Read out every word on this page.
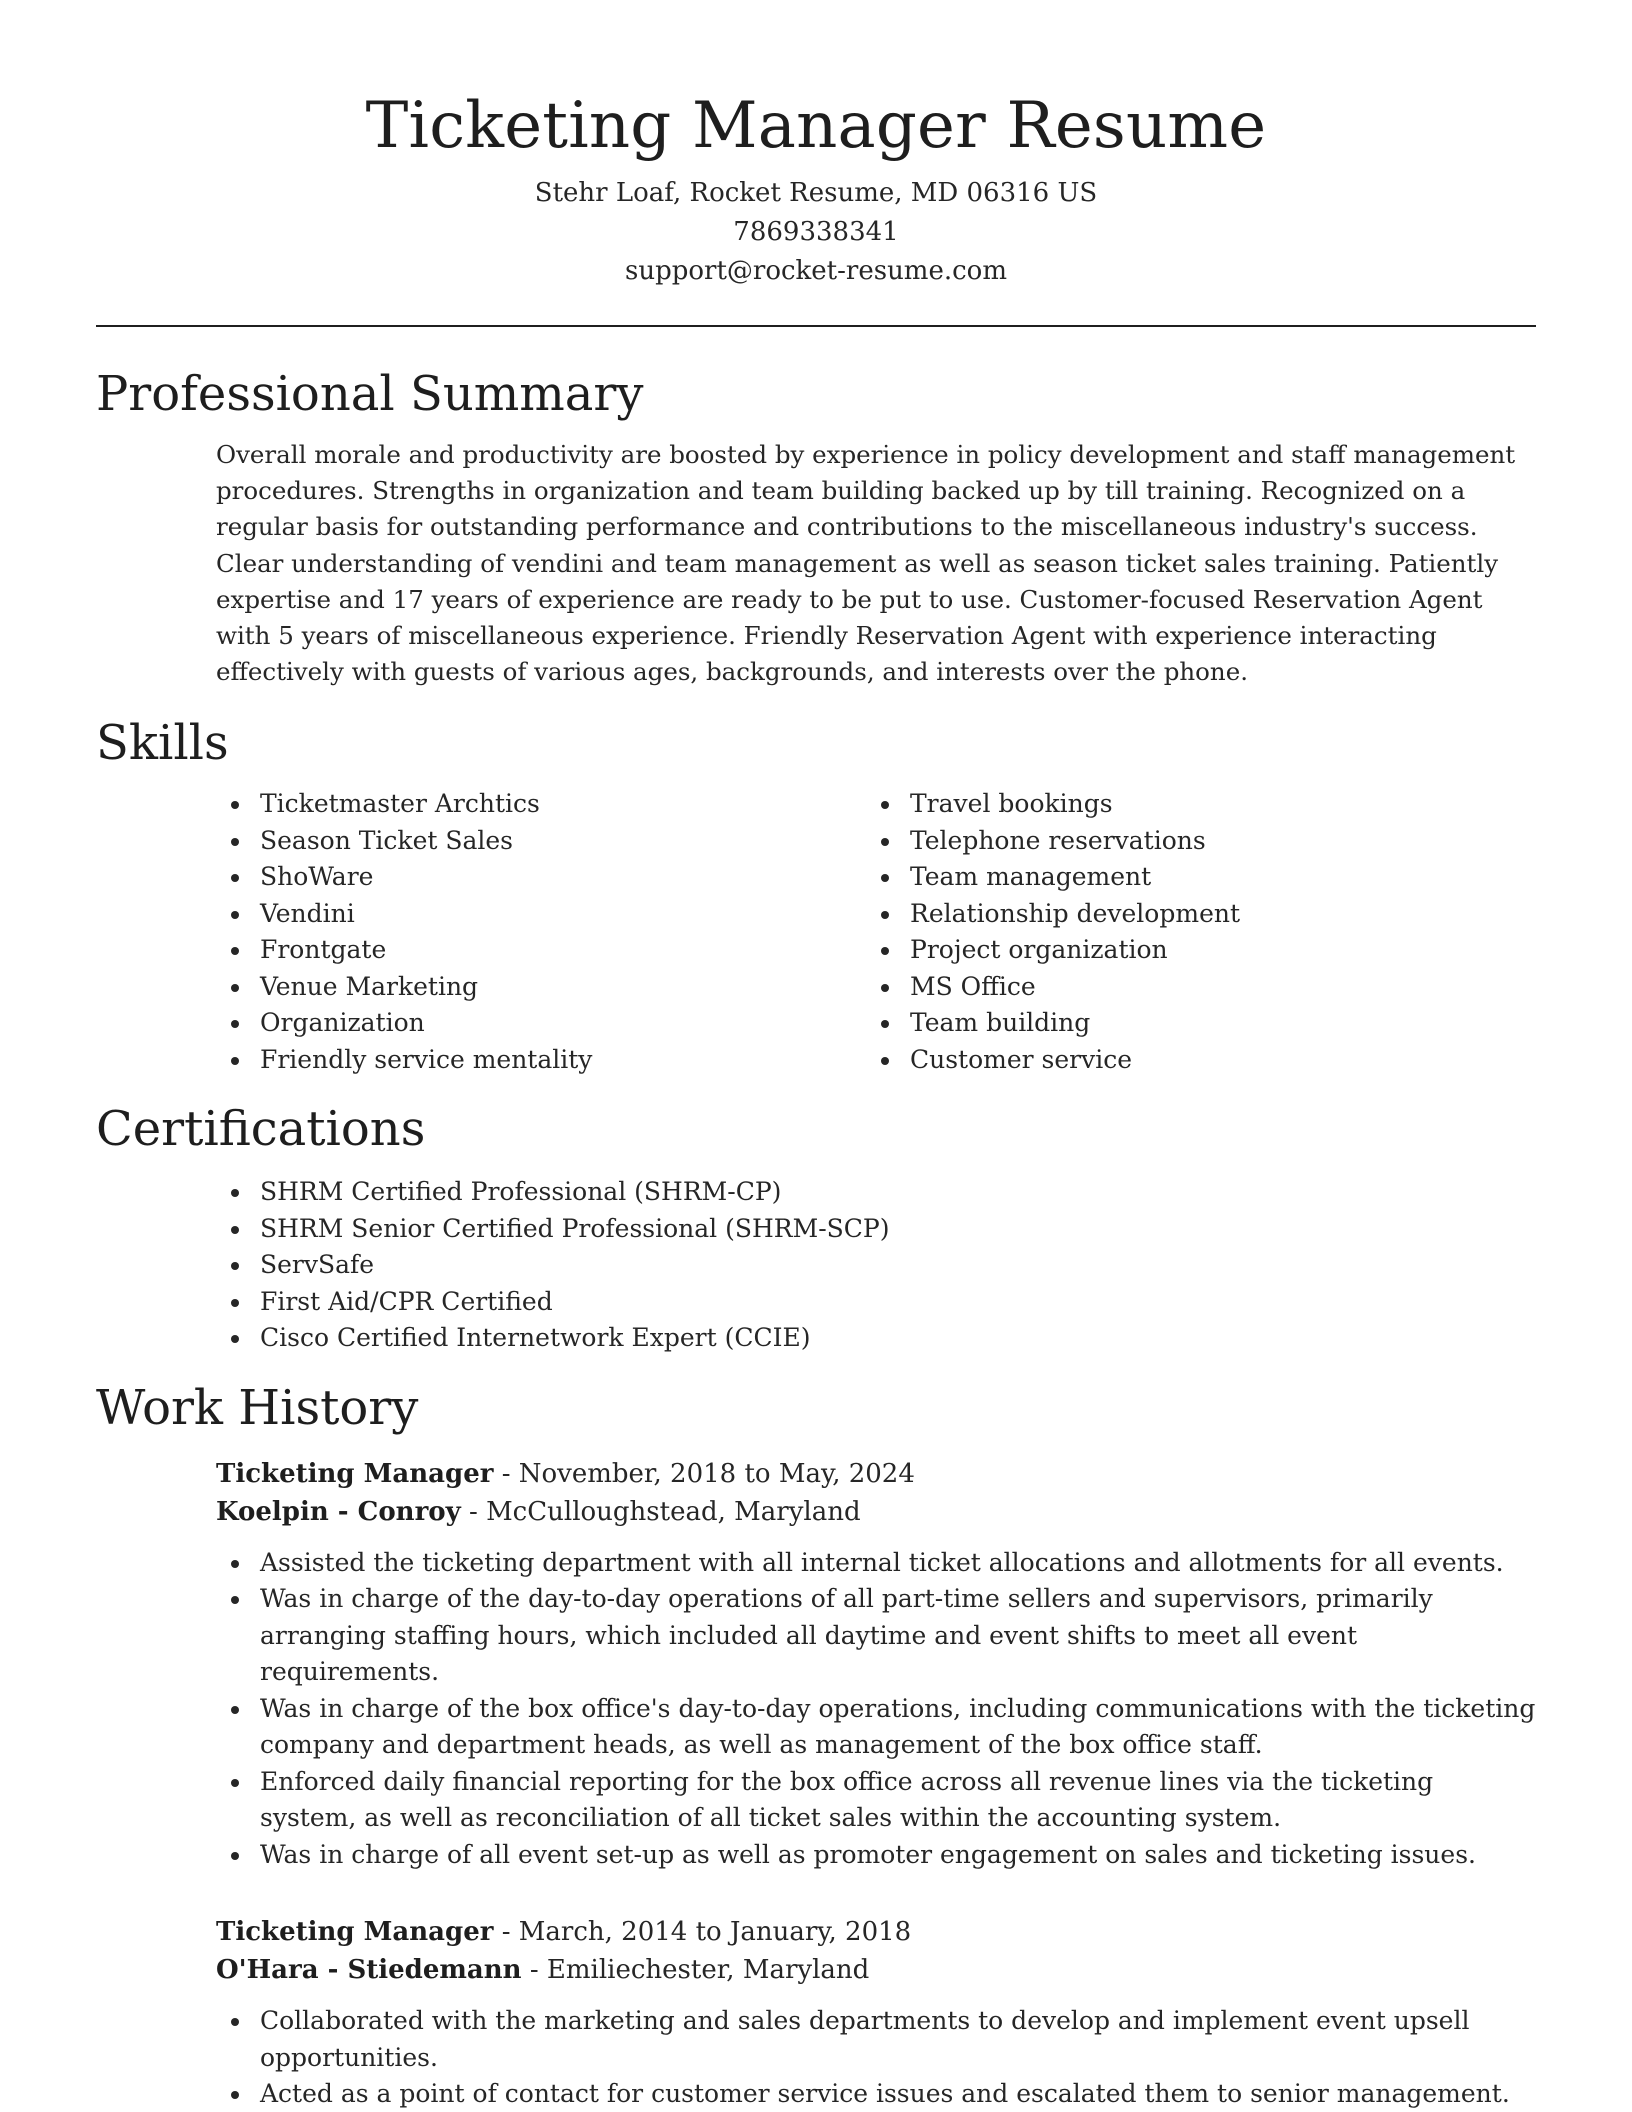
Ticketing Manager Resume
Stehr Loaf, Rocket Resume, MD 06316 US
7869338341
support@rocket-resume.com
Professional Summary

Overall morale and productivity are boosted by experience in policy development and staff management procedures. Strengths in organization and team building backed up by till training. Recognized on a regular basis for outstanding performance and contributions to the miscellaneous industry's success. Clear understanding of vendini and team management as well as season ticket sales training. Patiently expertise and 17 years of experience are ready to be put to use. Customer-focused Reservation Agent with 5 years of miscellaneous experience. Friendly Reservation Agent with experience interacting effectively with guests of various ages, backgrounds, and interests over the phone.

Skills
Ticketmaster Archtics
Season Ticket Sales
ShoWare
Vendini
Frontgate
Venue Marketing
Organization
Friendly service mentality
Travel bookings
Telephone reservations
Team management
Relationship development
Project organization
MS Office
Team building
Customer service
Certifications
SHRM Certified Professional (SHRM-CP)
SHRM Senior Certified Professional (SHRM-SCP)
ServSafe
First Aid/CPR Certified
Cisco Certified Internetwork Expert (CCIE)
Work History
Ticketing Manager - November, 2018 to May, 2024
Koelpin - Conroy - McCulloughstead, Maryland
Assisted the ticketing department with all internal ticket allocations and allotments for all events.
Was in charge of the day-to-day operations of all part-time sellers and supervisors, primarily arranging staffing hours, which included all daytime and event shifts to meet all event requirements.
Was in charge of the box office's day-to-day operations, including communications with the ticketing company and department heads, as well as management of the box office staff.
Enforced daily financial reporting for the box office across all revenue lines via the ticketing system, as well as reconciliation of all ticket sales within the accounting system.
Was in charge of all event set-up as well as promoter engagement on sales and ticketing issues.
Ticketing Manager - March, 2014 to January, 2018
O'Hara - Stiedemann - Emiliechester, Maryland
Collaborated with the marketing and sales departments to develop and implement event upsell opportunities.
Acted as a point of contact for customer service issues and escalated them to senior management.
